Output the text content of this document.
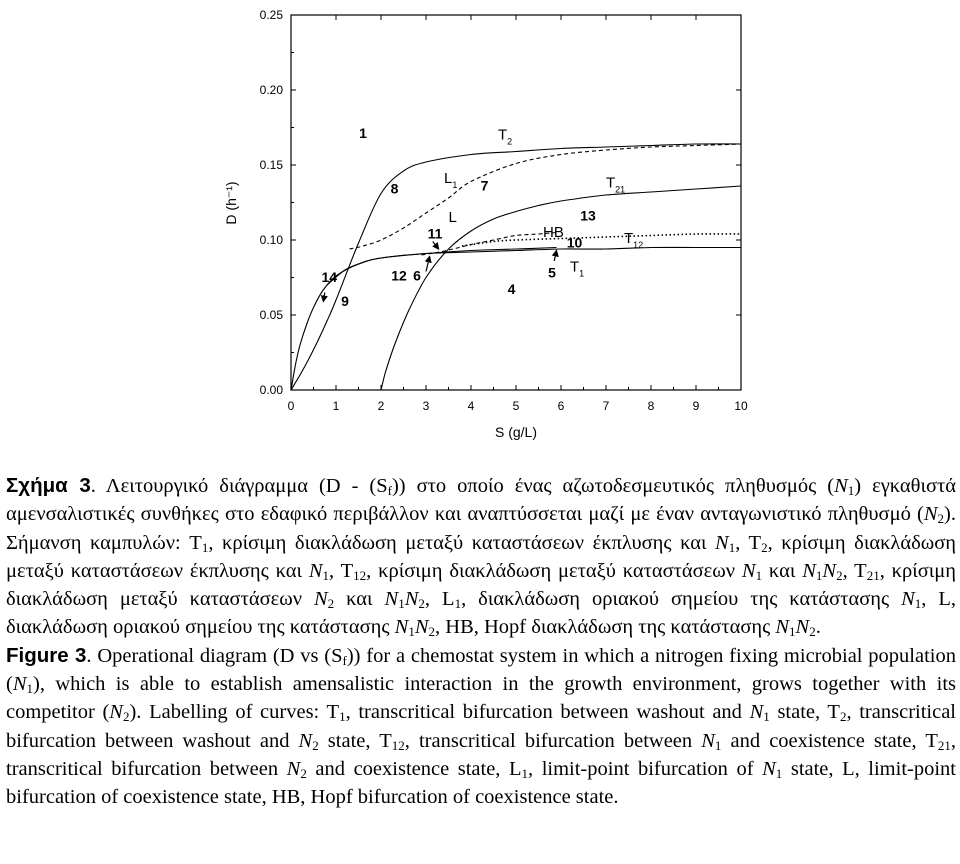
0	1	2	3	4	5	6	7	8	9	10
0.00
0.05
0.10
0.15
0.20
0.25
1
8	7
13
11
10
14	12 6	5
4
9
$T_2$
$L_1$	$T_{21}$
L
HB	$T_{12}$
$T_1$
S (g/L)
D (h⁻¹)

Σχήμα 3. Λειτουργικό διάγραμμα $(D - (S_f))$ στο οποίο ένας αζωτοδεσμευτικός πληθυσμός $(N_1)$ εγκαθιστά αμενσαλιστικές συνθήκες στο εδαφικό περιβάλλον και αναπτύσσεται μαζί με έναν ανταγωνιστικό πληθυσμό $(N_2)$. Σήμανση καμπυλών: $T_1$, κρίσιμη διακλάδωση μεταξύ καταστάσεων έκπλυσης και $N_1$, $T_2$, κρίσιμη διακλάδωση μεταξύ καταστάσεων έκπλυσης και $N_1$, $T_{12}$, κρίσιμη διακλάδωση μεταξύ καταστάσεων $N_1$ και $N_1N_2$, $T_{21}$, κρίσιμη διακλάδωση μεταξύ καταστάσεων $N_2$ και $N_1N_2$, $L_1$, διακλάδωση οριακού σημείου της κατάστασης $N_1$, L, διακλάδωση οριακού σημείου της κατάστασης $N_1N_2$, HB, Hopf διακλάδωση της κατάστασης $N_1N_2$.

Figure 3. Operational diagram (D vs $(S_f)$) for a chemostat system in which a nitrogen fixing microbial population $(N_1)$, which is able to establish amensalistic interaction in the growth environment, grows together with its competitor $(N_2)$. Labelling of curves: $T_1$, transcritical bifurcation between washout and $N_1$ state, $T_2$, transcritical bifurcation between washout and $N_2$ state, $T_{12}$, transcritical bifurcation between $N_1$ and coexistence state, $T_{21}$, transcritical bifurcation between $N_2$ and coexistence state, $L_1$, limit-point bifurcation of $N_1$ state, L, limit-point bifurcation of coexistence state, HB, Hopf bifurcation of coexistence state.
